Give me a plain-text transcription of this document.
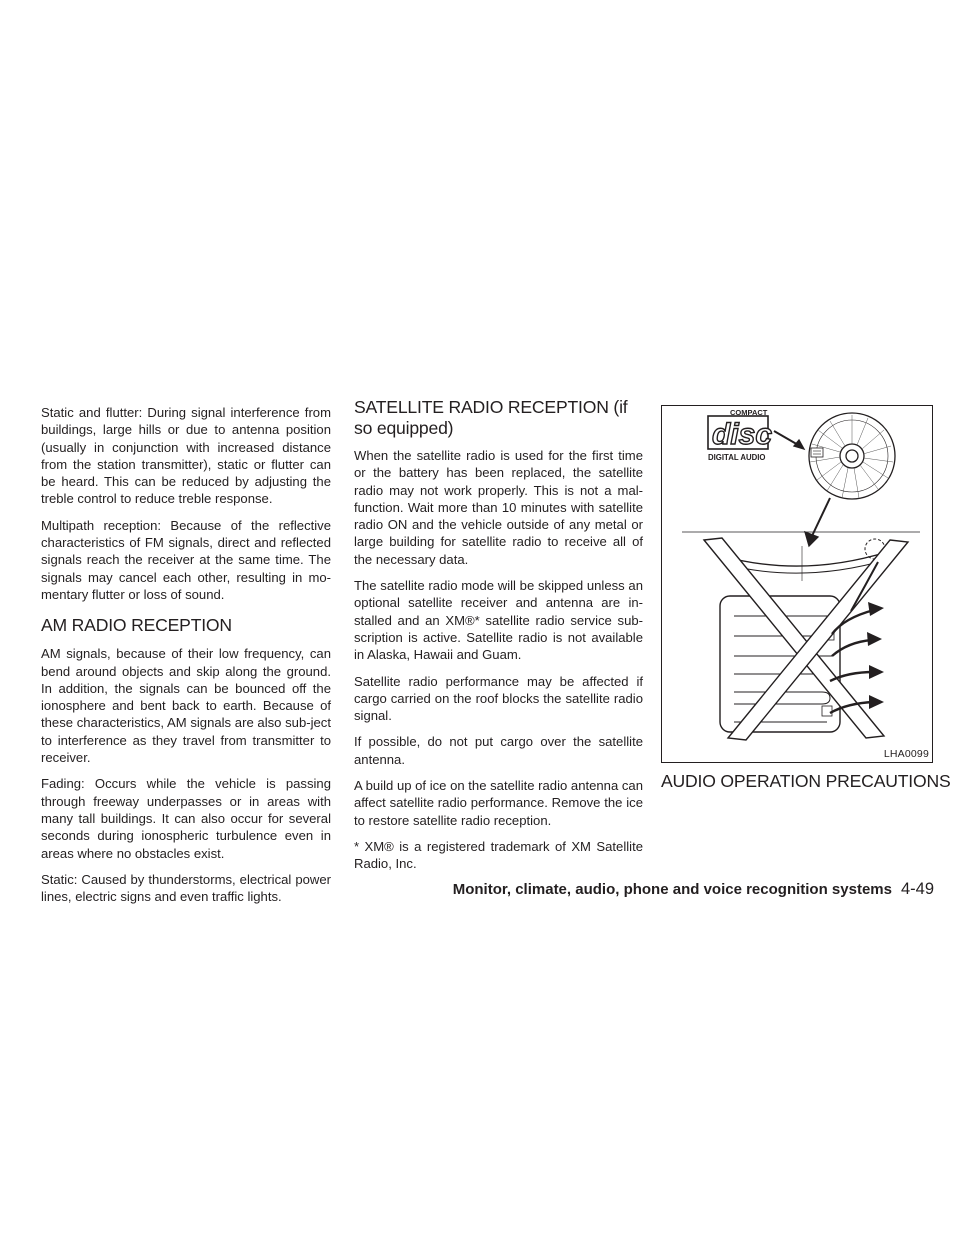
Static and flutter: During signal interference from buildings, large hills or due to antenna position (usually in conjunction with increased distance from the station transmitter), static or flutter can be heard. This can be reduced by adjusting the treble control to reduce treble response.

Multipath reception: Because of the reflective characteristics of FM signals, direct and reflected signals reach the receiver at the same time. The signals may cancel each other, resulting in mo-mentary flutter or loss of sound.

AM RADIO RECEPTION

AM signals, because of their low frequency, can bend around objects and skip along the ground. In addition, the signals can be bounced off the ionosphere and bent back to earth. Because of these characteristics, AM signals are also sub-ject to interference as they travel from transmitter to receiver.

Fading: Occurs while the vehicle is passing through freeway underpasses or in areas with many tall buildings. It can also occur for several seconds during ionospheric turbulence even in areas where no obstacles exist.

Static: Caused by thunderstorms, electrical power lines, electric signs and even traffic lights.

SATELLITE RADIO RECEPTION (if so equipped)

When the satellite radio is used for the first time or the battery has been replaced, the satellite radio may not work properly. This is not a mal-function. Wait more than 10 minutes with satellite radio ON and the vehicle outside of any metal or large building for satellite radio to receive all of the necessary data.

The satellite radio mode will be skipped unless an optional satellite receiver and antenna are in-stalled and an XM®* satellite radio service sub-scription is active. Satellite radio is not available in Alaska, Hawaii and Guam.

Satellite radio performance may be affected if cargo carried on the roof blocks the satellite radio signal.

If possible, do not put cargo over the satellite antenna.

A build up of ice on the satellite radio antenna can affect satellite radio performance. Remove the ice to restore satellite radio reception.

* XM® is a registered trademark of XM Satellite Radio, Inc.

COMPACT
disc
DIGITAL AUDIO
LHA0099
AUDIO OPERATION PRECAUTIONS
Monitor, climate, audio, phone and voice recognition systems 4-49
